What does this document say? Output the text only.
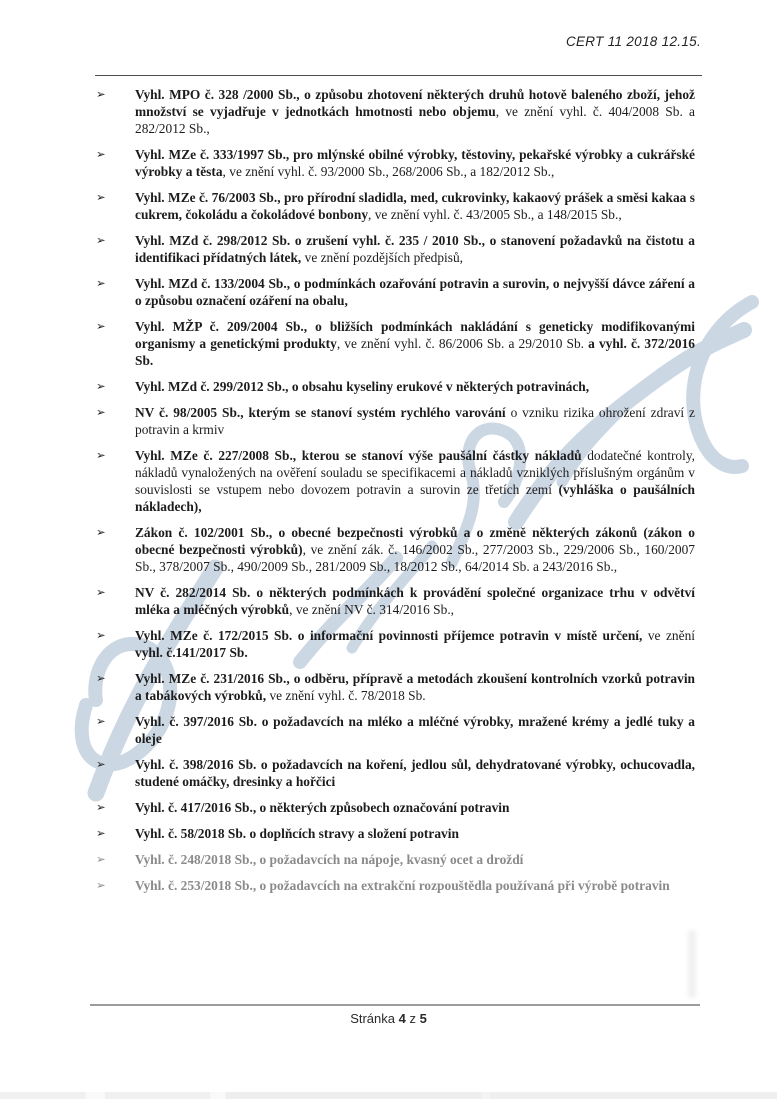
CERT 11 2018 12.15.
➢ Vyhl. MPO č. 328 /2000 Sb., o způsobu zhotovení některých druhů hotově baleného zboží, jehož množství se vyjadřuje v jednotkách hmotnosti nebo objemu, ve znění vyhl. č. 404/2008 Sb. a 282/2012 Sb.,
➢ Vyhl. MZe č. 333/1997 Sb., pro mlýnské obilné výrobky, těstoviny, pekařské výrobky a cukrářské výrobky a těsta, ve znění vyhl. č. 93/2000 Sb., 268/2006 Sb., a 182/2012 Sb.,
➢ Vyhl. MZe č. 76/2003 Sb., pro přírodní sladidla, med, cukrovinky, kakaový prášek a směsi kakaa s cukrem, čokoládu a čokoládové bonbony, ve znění vyhl. č. 43/2005 Sb., a 148/2015 Sb.,
➢ Vyhl. MZd č. 298/2012 Sb. o zrušení vyhl. č. 235 / 2010 Sb., o stanovení požadavků na čistotu a identifikaci přídatných látek, ve znění pozdějších předpisů,
➢ Vyhl. MZd č. 133/2004 Sb., o podmínkách ozařování potravin a surovin, o nejvyšší dávce záření a o způsobu označení ozáření na obalu,
➢ Vyhl. MŽP č. 209/2004 Sb., o bližších podmínkách nakládání s geneticky modifikovanými organismy a genetickými produkty, ve znění vyhl. č. 86/2006 Sb. a 29/2010 Sb. a vyhl. č. 372/2016 Sb.
➢ Vyhl. MZd č. 299/2012 Sb., o obsahu kyseliny erukové v některých potravinách,
➢ NV č. 98/2005 Sb., kterým se stanoví systém rychlého varování o vzniku rizika ohrožení zdraví z potravin a krmiv
➢ Vyhl. MZe č. 227/2008 Sb., kterou se stanoví výše paušální částky nákladů dodatečné kontroly, nákladů vynaložených na ověření souladu se specifikacemi a nákladů vzniklých příslušným orgánům v souvislosti se vstupem nebo dovozem potravin a surovin ze třetích zemí (vyhláška o paušálních nákladech),
➢ Zákon č. 102/2001 Sb., o obecné bezpečnosti výrobků a o změně některých zákonů (zákon o obecné bezpečnosti výrobků), ve znění zák. č. 146/2002 Sb., 277/2003 Sb., 229/2006 Sb., 160/2007 Sb., 378/2007 Sb., 490/2009 Sb., 281/2009 Sb., 18/2012 Sb., 64/2014 Sb. a 243/2016 Sb.,
➢ NV č. 282/2014 Sb. o některých podmínkách k provádění společné organizace trhu v odvětví mléka a mléčných výrobků, ve znění NV č. 314/2016 Sb.,
➢ Vyhl. MZe č. 172/2015 Sb. o informační povinnosti příjemce potravin v místě určení, ve znění vyhl. č.141/2017 Sb.
➢ Vyhl. MZe č. 231/2016 Sb., o odběru, přípravě a metodách zkoušení kontrolních vzorků potravin a tabákových výrobků, ve znění vyhl. č. 78/2018 Sb.
➢ Vyhl. č. 397/2016 Sb. o požadavcích na mléko a mléčné výrobky, mražené krémy a jedlé tuky a oleje
➢ Vyhl. č. 398/2016 Sb. o požadavcích na koření, jedlou sůl, dehydratované výrobky, ochucovadla, studené omáčky, dresinky a hořčici
➢ Vyhl. č. 417/2016 Sb., o některých způsobech označování potravin
➢ Vyhl. č. 58/2018 Sb. o doplňcích stravy a složení potravin
➢ Vyhl. č. 248/2018 Sb., o požadavcích na nápoje, kvasný ocet a droždí
➢ Vyhl. č. 253/2018 Sb., o požadavcích na extrakční rozpouštědla používaná při výrobě potravin
Stránka 4 z 5
